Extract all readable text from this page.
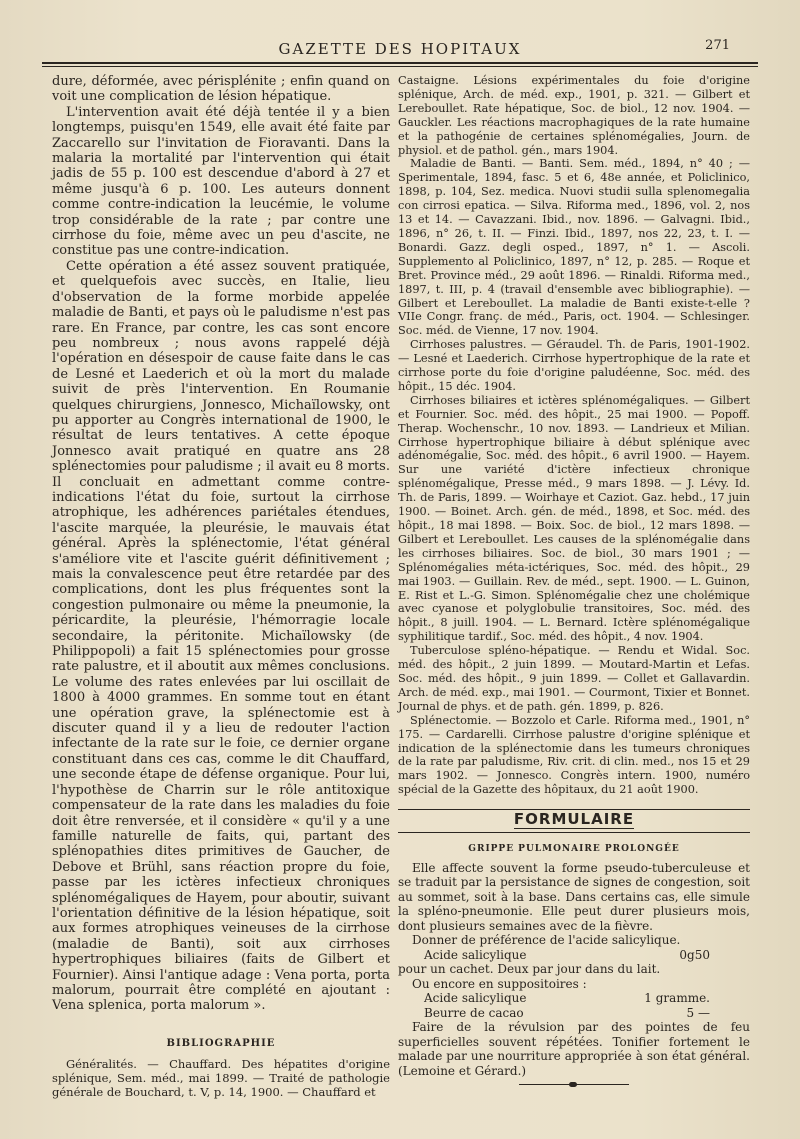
GAZETTE DES HOPITAUX	271

dure, déformée, avec périsplénite ; enfin quand on voit une complication de lésion hépatique.

L'intervention avait été déjà tentée il y a bien longtemps, puisqu'en 1549, elle avait été faite par Zaccarello sur l'invitation de Fioravanti. Dans la malaria la mortalité par l'intervention qui était jadis de 55 p. 100 est descendue d'abord à 27 et même jusqu'à 6 p. 100. Les auteurs donnent comme contre-indication la leucémie, le volume trop considérable de la rate ; par contre une cirrhose du foie, même avec un peu d'ascite, ne constitue pas une contre-indication.

Cette opération a été assez souvent pratiquée, et quelquefois avec succès, en Italie, lieu d'observation de la forme morbide appelée maladie de Banti, et pays où le paludisme n'est pas rare. En France, par contre, les cas sont encore peu nombreux ; nous avons rappelé déjà l'opération en désespoir de cause faite dans le cas de Lesné et Laederich et où la mort du malade suivit de près l'intervention. En Roumanie quelques chirurgiens, Jonnesco, Michaïlowsky, ont pu apporter au Congrès international de 1900, le résultat de leurs tentatives. A cette époque Jonnesco avait pratiqué en quatre ans 28 splénectomies pour paludisme ; il avait eu 8 morts. Il concluait en admettant comme contre-indications l'état du foie, surtout la cirrhose atrophique, les adhérences pariétales étendues, l'ascite marquée, la pleurésie, le mauvais état général. Après la splénectomie, l'état général s'améliore vite et l'ascite guérit définitivement ; mais la convalescence peut être retardée par des complications, dont les plus fréquentes sont la congestion pulmonaire ou même la pneumonie, la péricardite, la pleurésie, l'hémorragie locale secondaire, la péritonite. Michaïlowsky (de Philippopoli) a fait 15 splénectomies pour grosse rate palustre, et il aboutit aux mêmes conclusions. Le volume des rates enlevées par lui oscillait de 1800 à 4000 grammes. En somme tout en étant une opération grave, la splénectomie est à discuter quand il y a lieu de redouter l'action infectante de la rate sur le foie, ce dernier organe constituant dans ces cas, comme le dit Chauffard, une seconde étape de défense organique. Pour lui, l'hypothèse de Charrin sur le rôle antitoxique compensateur de la rate dans les maladies du foie doit être renversée, et il considère « qu'il y a une famille naturelle de faits, qui, partant des splénopathies dites primitives de Gaucher, de Debove et Brühl, sans réaction propre du foie, passe par les ictères infectieux chroniques splénomégaliques de Hayem, pour aboutir, suivant l'orientation définitive de la lésion hépatique, soit aux formes atrophiques veineuses de la cirrhose (maladie de Banti), soit aux cirrhoses hypertrophiques biliaires (faits de Gilbert et Fournier). Ainsi l'antique adage : Vena porta, porta malorum, pourrait être complété en ajoutant : Vena splenica, porta malorum ».

BIBLIOGRAPHIE

Généralités. — Chauffard. Des hépatites d'origine splénique, Sem. méd., mai 1899. — Traité de pathologie générale de Bouchard, t. V, p. 14, 1900. — Chauffard et

Castaigne. Lésions expérimentales du foie d'origine splénique, Arch. de méd. exp., 1901, p. 321. — Gilbert et Lereboullet. Rate hépatique, Soc. de biol., 12 nov. 1904. — Gauckler. Les réactions macrophagiques de la rate humaine et la pathogénie de certaines splénomégalies, Journ. de physiol. et de pathol. gén., mars 1904.

Maladie de Banti. — Banti. Sem. méd., 1894, n° 40 ; — Sperimentale, 1894, fasc. 5 et 6, 48e année, et Policlinico, 1898, p. 104, Sez. medica. Nuovi studii sulla splenomegalia con cirrosi epatica. — Silva. Riforma med., 1896, vol. 2, nos 13 et 14. — Cavazzani. Ibid., nov. 1896. — Galvagni. Ibid., 1896, n° 26, t. II. — Finzi. Ibid., 1897, nos 22, 23, t. I. — Bonardi. Gazz. degli osped., 1897, n° 1. — Ascoli. Supplemento al Policlinico, 1897, n° 12, p. 285. — Roque et Bret. Province méd., 29 août 1896. — Rinaldi. Riforma med., 1897, t. III, p. 4 (travail d'ensemble avec bibliographie). — Gilbert et Lereboullet. La maladie de Banti existe-t-elle ? VIIe Congr. franç. de méd., Paris, oct. 1904. — Schlesinger. Soc. méd. de Vienne, 17 nov. 1904.

Cirrhoses palustres. — Géraudel. Th. de Paris, 1901-1902. — Lesné et Laederich. Cirrhose hypertrophique de la rate et cirrhose porte du foie d'origine paludéenne, Soc. méd. des hôpit., 15 déc. 1904.

Cirrhoses biliaires et ictères splénomégaliques. — Gilbert et Fournier. Soc. méd. des hôpit., 25 mai 1900. — Popoff. Therap. Wochenschr., 10 nov. 1893. — Landrieux et Milian. Cirrhose hypertrophique biliaire à début splénique avec adénomégalie, Soc. méd. des hôpit., 6 avril 1900. — Hayem. Sur une variété d'ictère infectieux chronique splénomégalique, Presse méd., 9 mars 1898. — J. Lévy. Id. Th. de Paris, 1899. — Woirhaye et Caziot. Gaz. hebd., 17 juin 1900. — Boinet. Arch. gén. de méd., 1898, et Soc. méd. des hôpit., 18 mai 1898. — Boix. Soc. de biol., 12 mars 1898. — Gilbert et Lereboullet. Les causes de la splénomégalie dans les cirrhoses biliaires. Soc. de biol., 30 mars 1901 ; — Splénomégalies méta-ictériques, Soc. méd. des hôpit., 29 mai 1903. — Guillain. Rev. de méd., sept. 1900. — L. Guinon, E. Rist et L.-G. Simon. Splénomégalie chez une cholémique avec cyanose et polyglobulie transitoires, Soc. méd. des hôpit., 8 juill. 1904. — L. Bernard. Ictère splénomégalique syphilitique tardif., Soc. méd. des hôpit., 4 nov. 1904.

Tuberculose spléno-hépatique. — Rendu et Widal. Soc. méd. des hôpit., 2 juin 1899. — Moutard-Martin et Lefas. Soc. méd. des hôpit., 9 juin 1899. — Collet et Gallavardin. Arch. de méd. exp., mai 1901. — Courmont, Tixier et Bonnet. Journal de phys. et de path. gén. 1899, p. 826.

Splénectomie. — Bozzolo et Carle. Riforma med., 1901, n° 175. — Cardarelli. Cirrhose palustre d'origine splénique et indication de la splénectomie dans les tumeurs chroniques de la rate par paludisme, Riv. crit. di clin. med., nos 15 et 29 mars 1902. — Jonnesco. Congrès intern. 1900, numéro spécial de la Gazette des hôpitaux, du 21 août 1900.

FORMULAIRE
GRIPPE PULMONAIRE PROLONGÉE

Elle affecte souvent la forme pseudo-tuberculeuse et se traduit par la persistance de signes de congestion, soit au sommet, soit à la base. Dans certains cas, elle simule la spléno-pneumonie. Elle peut durer plusieurs mois, dont plusieurs semaines avec de la fièvre.

Donner de préférence de l'acide salicylique.

Acide salicylique	0g50

pour un cachet. Deux par jour dans du lait.

Ou encore en suppositoires :

Acide salicylique	1 gramme.
Beurre de cacao	5 —

Faire de la révulsion par des pointes de feu superficielles souvent répétées. Tonifier fortement le malade par une nourriture appropriée à son état général. (Lemoine et Gérard.)
